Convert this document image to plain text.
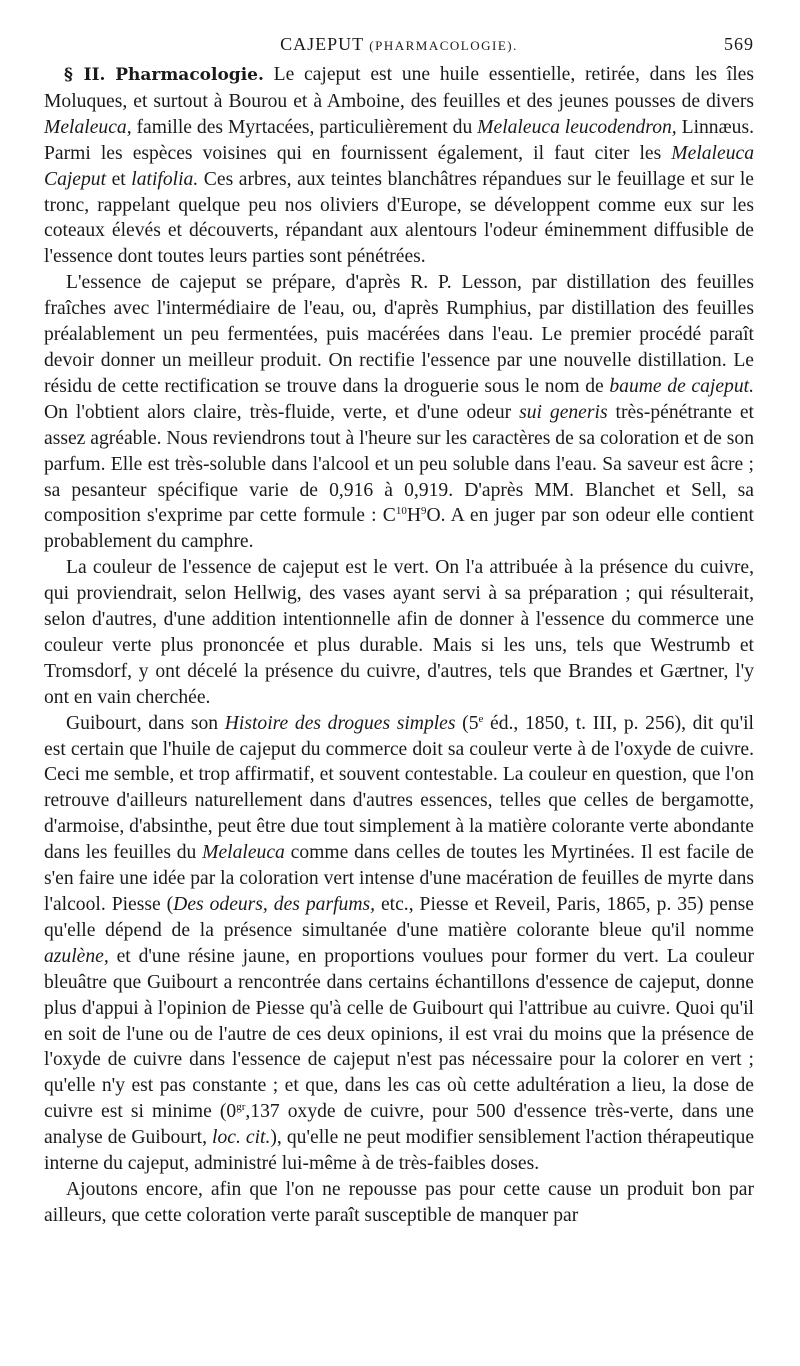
CAJEPUT (PHARMACOLOGIE).	569

§ II. Pharmacologie. Le cajeput est une huile essentielle, retirée, dans les îles Moluques, et surtout à Bourou et à Amboine, des feuilles et des jeunes pousses de divers Melaleuca, famille des Myrtacées, particulièrement du Melaleuca leucodendron, Linnæus. Parmi les espèces voisines qui en fournissent également, il faut citer les Melaleuca Cajeput et latifolia. Ces arbres, aux teintes blanchâtres répandues sur le feuillage et sur le tronc, rappelant quelque peu nos oliviers d'Europe, se développent comme eux sur les coteaux élevés et découverts, répandant aux alentours l'odeur éminemment diffusible de l'essence dont toutes leurs parties sont pénétrées.

L'essence de cajeput se prépare, d'après R. P. Lesson, par distillation des feuilles fraîches avec l'intermédiaire de l'eau, ou, d'après Rumphius, par distillation des feuilles préalablement un peu fermentées, puis macérées dans l'eau. Le premier procédé paraît devoir donner un meilleur produit. On rectifie l'essence par une nouvelle distillation. Le résidu de cette rectification se trouve dans la droguerie sous le nom de baume de cajeput. On l'obtient alors claire, très-fluide, verte, et d'une odeur sui generis très-pénétrante et assez agréable. Nous reviendrons tout à l'heure sur les caractères de sa coloration et de son parfum. Elle est très-soluble dans l'alcool et un peu soluble dans l'eau. Sa saveur est âcre ; sa pesanteur spécifique varie de 0,916 à 0,919. D'après MM. Blanchet et Sell, sa composition s'exprime par cette formule : $C^{10}H^9O$. A en juger par son odeur elle contient probablement du camphre.

La couleur de l'essence de cajeput est le vert. On l'a attribuée à la présence du cuivre, qui proviendrait, selon Hellwig, des vases ayant servi à sa préparation ; qui résulterait, selon d'autres, d'une addition intentionnelle afin de donner à l'essence du commerce une couleur verte plus prononcée et plus durable. Mais si les uns, tels que Westrumb et Tromsdorf, y ont décelé la présence du cuivre, d'autres, tels que Brandes et Gærtner, l'y ont en vain cherchée.

Guibourt, dans son Histoire des drogues simples (5e éd., 1850, t. III, p. 256), dit qu'il est certain que l'huile de cajeput du commerce doit sa couleur verte à de l'oxyde de cuivre. Ceci me semble, et trop affirmatif, et souvent contestable. La couleur en question, que l'on retrouve d'ailleurs naturellement dans d'autres essences, telles que celles de bergamotte, d'armoise, d'absinthe, peut être due tout simplement à la matière colorante verte abondante dans les feuilles du Melaleuca comme dans celles de toutes les Myrtinées. Il est facile de s'en faire une idée par la coloration vert intense d'une macération de feuilles de myrte dans l'alcool. Piesse (Des odeurs, des parfums, etc., Piesse et Reveil, Paris, 1865, p. 35) pense qu'elle dépend de la présence simultanée d'une matière colorante bleue qu'il nomme azulène, et d'une résine jaune, en proportions voulues pour former du vert. La couleur bleuâtre que Guibourt a rencontrée dans certains échantillons d'essence de cajeput, donne plus d'appui à l'opinion de Piesse qu'à celle de Guibourt qui l'attribue au cuivre. Quoi qu'il en soit de l'une ou de l'autre de ces deux opinions, il est vrai du moins que la présence de l'oxyde de cuivre dans l'essence de cajeput n'est pas nécessaire pour la colorer en vert ; qu'elle n'y est pas constante ; et que, dans les cas où cette adultération a lieu, la dose de cuivre est si minime ($0^{gr},137$ oxyde de cuivre, pour 500 d'essence très-verte, dans une analyse de Guibourt, loc. cit.), qu'elle ne peut modifier sensiblement l'action thérapeutique interne du cajeput, administré lui-même à de très-faibles doses.

Ajoutons encore, afin que l'on ne repousse pas pour cette cause un produit bon par ailleurs, que cette coloration verte paraît susceptible de manquer par
